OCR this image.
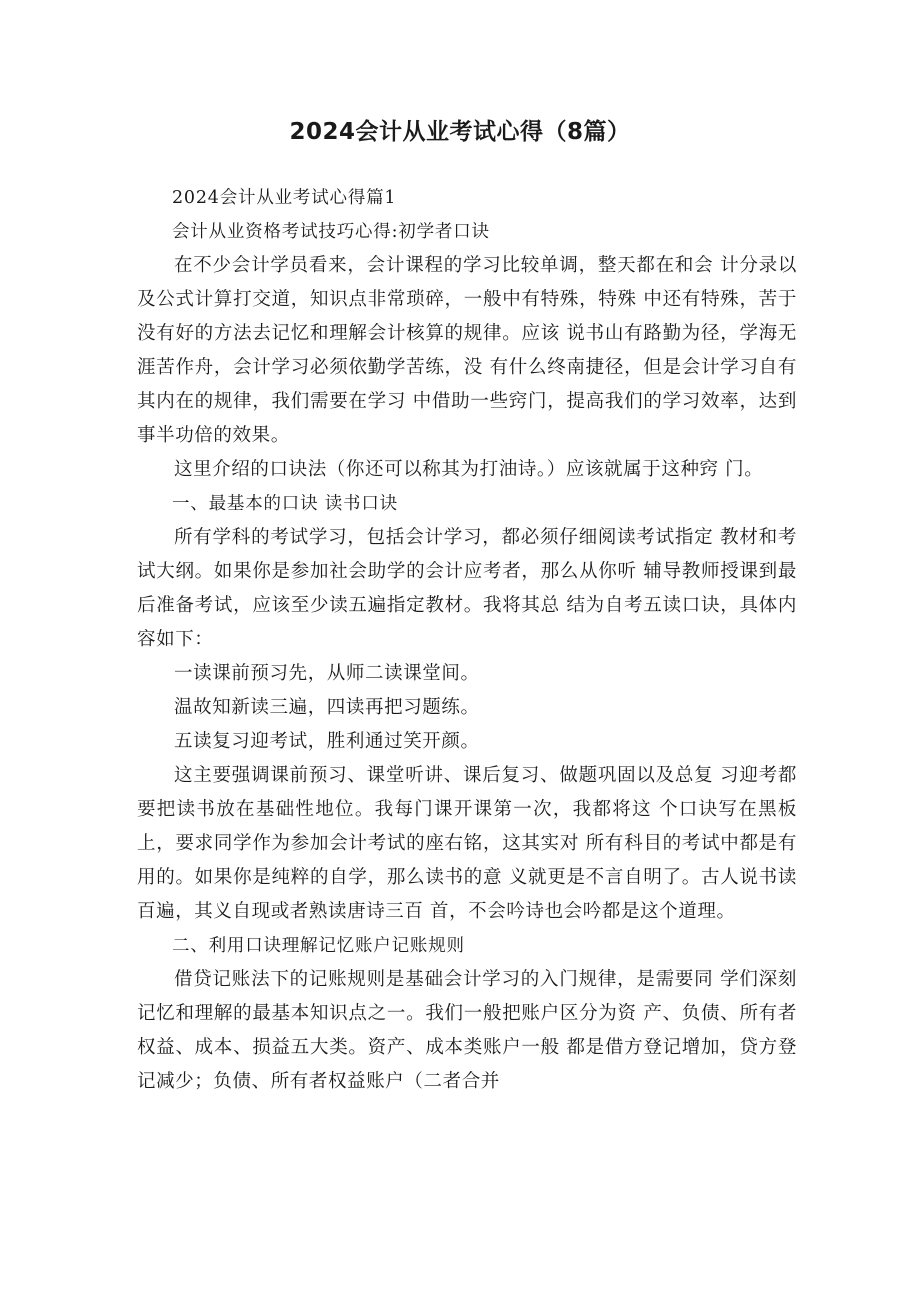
2024会计从业考试心得（8篇）

2024会计从业考试心得篇1

会计从业资格考试技巧心得:初学者口诀

在不少会计学员看来，会计课程的学习比较单调，整天都在和会 计分录以及公式计算打交道，知识点非常琐碎，一般中有特殊，特殊 中还有特殊，苦于没有好的方法去记忆和理解会计核算的规律。应该 说书山有路勤为径，学海无涯苦作舟，会计学习必须依勤学苦练，没 有什么终南捷径，但是会计学习自有其内在的规律，我们需要在学习 中借助一些窍门，提高我们的学习效率，达到事半功倍的效果。

这里介绍的口诀法（你还可以称其为打油诗。）应该就属于这种窍 门。

一、最基本的口诀 读书口诀

所有学科的考试学习，包括会计学习，都必须仔细阅读考试指定 教材和考试大纲。如果你是参加社会助学的会计应考者，那么从你听 辅导教师授课到最后准备考试，应该至少读五遍指定教材。我将其总 结为自考五读口诀，具体内容如下：

一读课前预习先，从师二读课堂间。

温故知新读三遍，四读再把习题练。

五读复习迎考试，胜利通过笑开颜。

这主要强调课前预习、课堂听讲、课后复习、做题巩固以及总复 习迎考都要把读书放在基础性地位。我每门课开课第一次，我都将这 个口诀写在黑板上，要求同学作为参加会计考试的座右铭，这其实对 所有科目的考试中都是有用的。如果你是纯粹的自学，那么读书的意 义就更是不言自明了。古人说书读百遍，其义自现或者熟读唐诗三百 首，不会吟诗也会吟都是这个道理。

二、利用口诀理解记忆账户记账规则

借贷记账法下的记账规则是基础会计学习的入门规律，是需要同 学们深刻记忆和理解的最基本知识点之一。我们一般把账户区分为资 产、负债、所有者权益、成本、损益五大类。资产、成本类账户一般 都是借方登记增加，贷方登记减少；负债、所有者权益账户（二者合并
